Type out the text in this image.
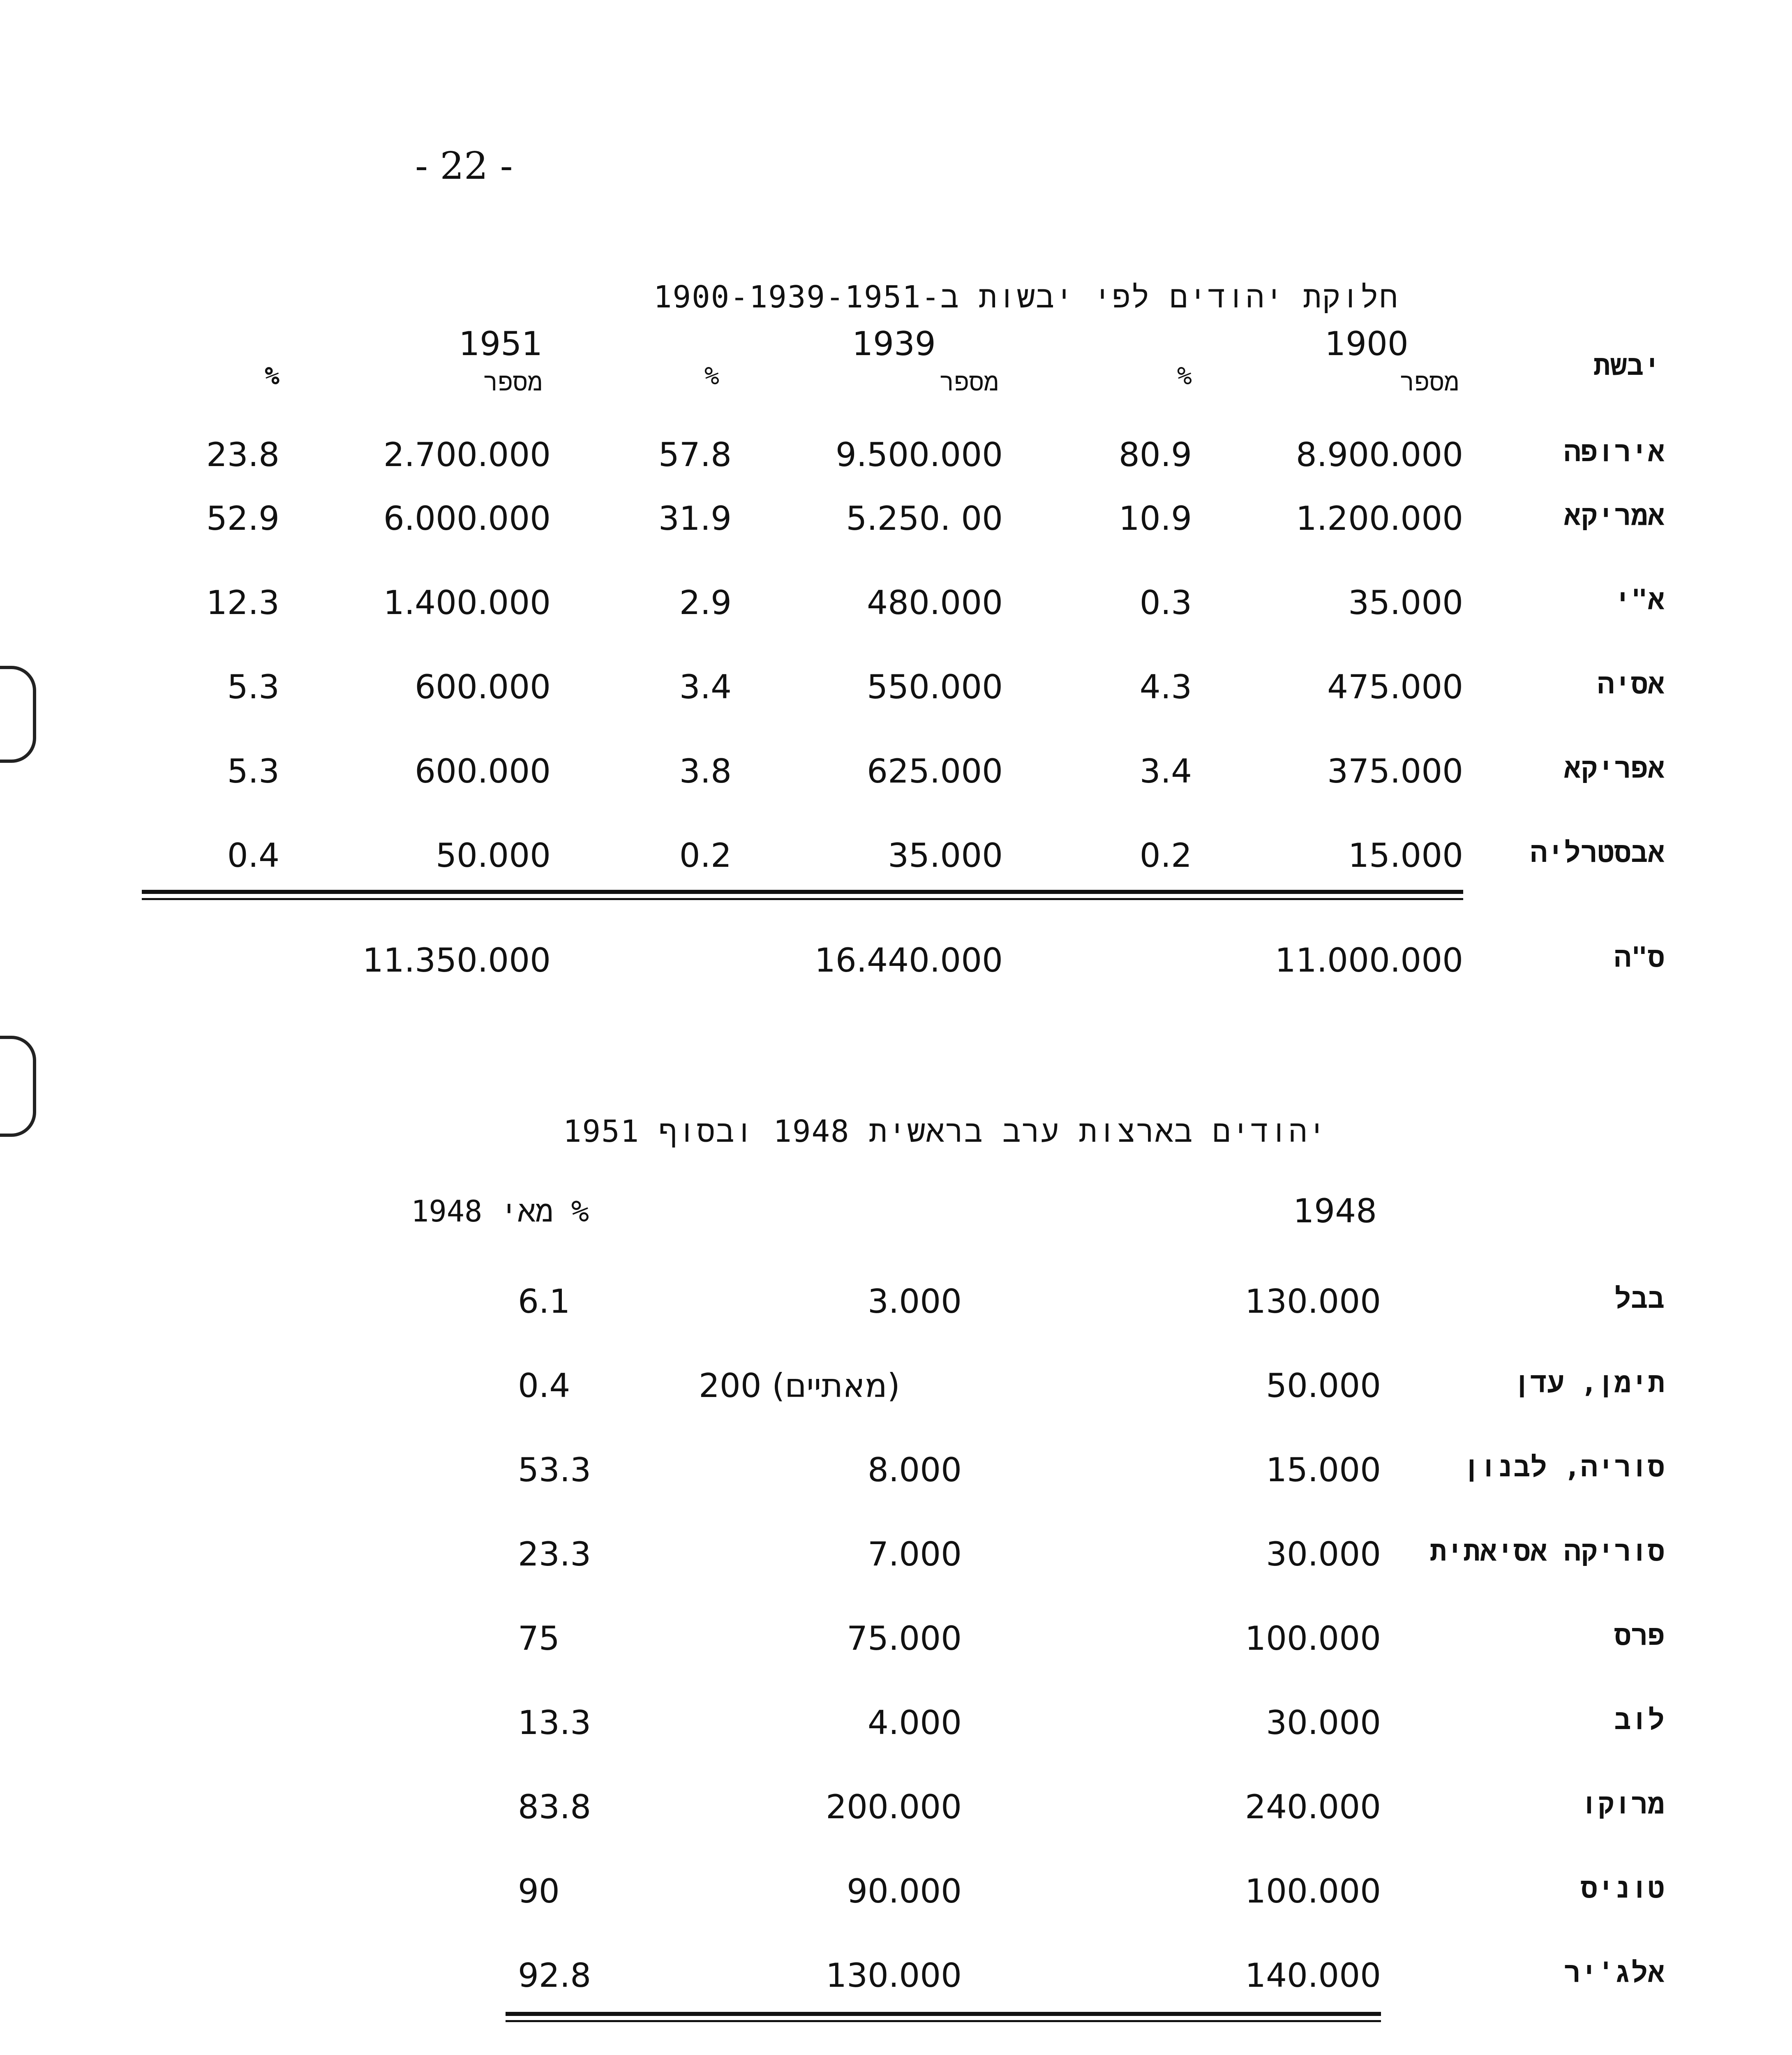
- 22 -
חלוקת יהודים לפי יבשות ב-1900-1939-1951
יבשת
1900
1939
1951
מספר
%
מספר
%
מספר
%
אירופה
8.900.000
80.9
9.500.000
57.8
2.700.000
23.8
אמריקא
1.200.000
10.9
5.250. 00
31.9
6.000.000
52.9
א"י
35.000
0.3
480.000
2.9
1.400.000
12.3
אסיה
475.000
4.3
550.000
3.4
600.000
5.3
אפריקא
375.000
3.4
625.000
3.8
600.000
5.3
אבסטרליה
15.000
0.2
35.000
0.2
50.000
0.4
ס"ה
11.000.000
16.440.000
11.350.000
יהודים בארצות ערב בראשית 1948 ובסוף 1951
1948
% מאי 1948
בבל
130.000
3.000
6.1
תימן, עדן
50.000
(מאתיים) 200
0.4
סוריה, לבנון
15.000
8.000
53.3
סוריקה אסיאתית
30.000
7.000
23.3
פרס
100.000
75.000
75
לוב
30.000
4.000
13.3
מרוקו
240.000
200.000
83.8
טוניס
100.000
90.000
90
אלג'יר
140.000
130.000
92.8
